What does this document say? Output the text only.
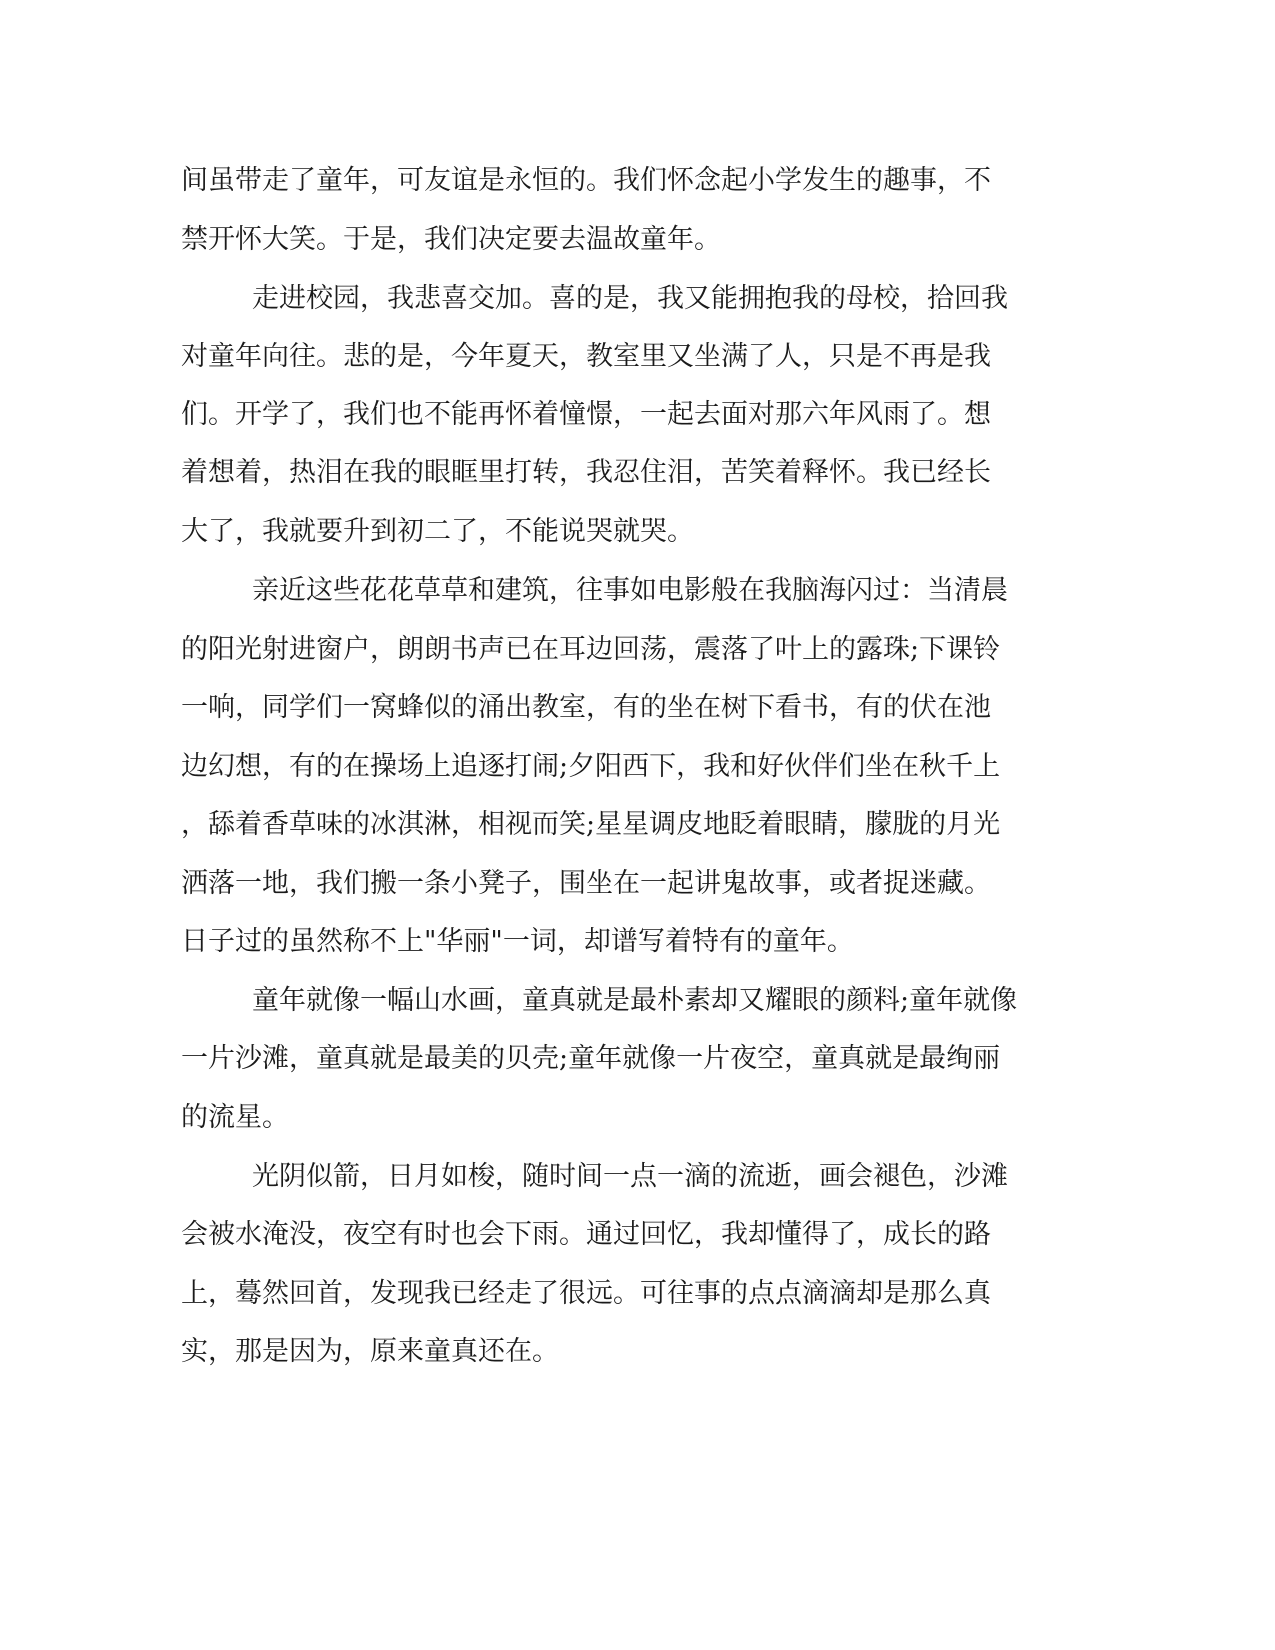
间虽带走了童年，可友谊是永恒的。我们怀念起小学发生的趣事，不

禁开怀大笑。于是，我们决定要去温故童年。

走进校园，我悲喜交加。喜的是，我又能拥抱我的母校，拾回我

对童年向往。悲的是，今年夏天，教室里又坐满了人，只是不再是我

们。开学了，我们也不能再怀着憧憬，一起去面对那六年风雨了。想

着想着，热泪在我的眼眶里打转，我忍住泪，苦笑着释怀。我已经长

大了，我就要升到初二了，不能说哭就哭。

亲近这些花花草草和建筑，往事如电影般在我脑海闪过：当清晨

的阳光射进窗户，朗朗书声已在耳边回荡，震落了叶上的露珠;下课铃

一响，同学们一窝蜂似的涌出教室，有的坐在树下看书，有的伏在池

边幻想，有的在操场上追逐打闹;夕阳西下，我和好伙伴们坐在秋千上

，舔着香草味的冰淇淋，相视而笑;星星调皮地眨着眼睛，朦胧的月光

洒落一地，我们搬一条小凳子，围坐在一起讲鬼故事，或者捉迷藏。

日子过的虽然称不上"华丽"一词，却谱写着特有的童年。

童年就像一幅山水画，童真就是最朴素却又耀眼的颜料;童年就像

一片沙滩，童真就是最美的贝壳;童年就像一片夜空，童真就是最绚丽

的流星。

光阴似箭，日月如梭，随时间一点一滴的流逝，画会褪色，沙滩

会被水淹没，夜空有时也会下雨。通过回忆，我却懂得了，成长的路

上，蓦然回首，发现我已经走了很远。可往事的点点滴滴却是那么真

实，那是因为，原来童真还在。
